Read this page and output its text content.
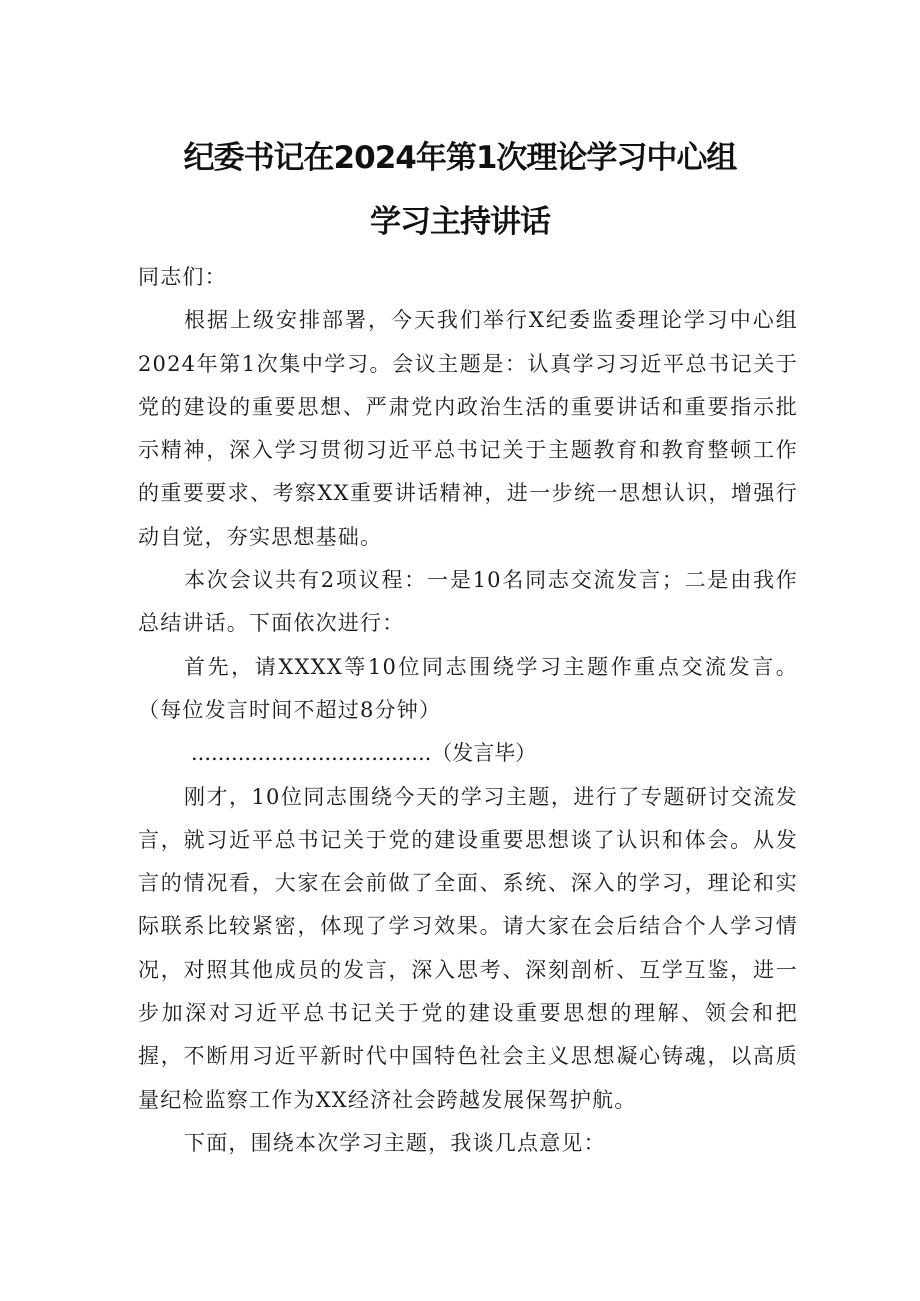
纪委书记在2024年第1次理论学习中心组
学习主持讲话

同志们：

根据上级安排部署，今天我们举行X纪委监委理论学习中心组2024年第1次集中学习。会议主题是：认真学习习近平总书记关于党的建设的重要思想、严肃党内政治生活的重要讲话和重要指示批示精神，深入学习贯彻习近平总书记关于主题教育和教育整顿工作的重要要求、考察XX重要讲话精神，进一步统一思想认识，增强行动自觉，夯实思想基础。

本次会议共有2项议程：一是10名同志交流发言；二是由我作总结讲话。下面依次进行：

首先，请XXXX等10位同志围绕学习主题作重点交流发言。（每位发言时间不超过8分钟）

....................................（发言毕）

刚才，10位同志围绕今天的学习主题，进行了专题研讨交流发言，就习近平总书记关于党的建设重要思想谈了认识和体会。从发言的情况看，大家在会前做了全面、系统、深入的学习，理论和实际联系比较紧密，体现了学习效果。请大家在会后结合个人学习情况，对照其他成员的发言，深入思考、深刻剖析、互学互鉴，进一步加深对习近平总书记关于党的建设重要思想的理解、领会和把握，不断用习近平新时代中国特色社会主义思想凝心铸魂，以高质量纪检监察工作为XX经济社会跨越发展保驾护航。

下面，围绕本次学习主题，我谈几点意见：
